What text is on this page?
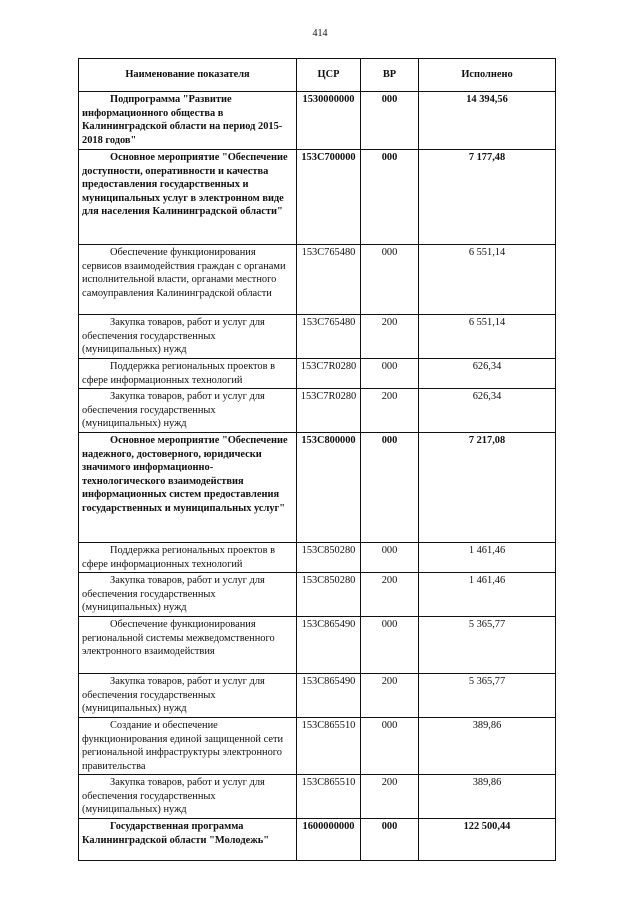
414
Наименование показателя	ЦСР	ВР	Исполнено

Подпрограмма "Развитие
информационного общества в Калининградской области на период 2015-2018 годов"	1530000000	000	14 394,56

Основное мероприятие "Обеспечение
доступности, оперативности и качества предоставления государственных и муниципальных услуг в электронном виде для населения Калининградской области"	153С700000	000	7 177,48

Обеспечение функционирования
сервисов взаимодействия граждан с органами исполнительной власти, органами местного самоуправления Калининградской области	153С765480	000	6 551,14

Закупка товаров, работ и услуг для
обеспечения государственных (муниципальных) нужд	153С765480	200	6 551,14

Поддержка региональных проектов в
сфере информационных технологий	153С7R0280	000	626,34

Закупка товаров, работ и услуг для
обеспечения государственных (муниципальных) нужд	153С7R0280	200	626,34

Основное мероприятие "Обеспечение
надежного, достоверного, юридически значимого информационно-технологического взаимодействия информационных систем предоставления государственных и муниципальных услуг"	153С800000	000	7 217,08

Поддержка региональных проектов в
сфере информационных технологий	153С850280	000	1 461,46

Закупка товаров, работ и услуг для
обеспечения государственных (муниципальных) нужд	153С850280	200	1 461,46

Обеспечение функционирования
региональной системы межведомственного электронного взаимодействия	153С865490	000	5 365,77

Закупка товаров, работ и услуг для
обеспечения государственных (муниципальных) нужд	153С865490	200	5 365,77

Создание и обеспечение
функционирования единой защищенной сети региональной инфраструктуры электронного правительства	153С865510	000	389,86

Закупка товаров, работ и услуг для
обеспечения государственных (муниципальных) нужд	153С865510	200	389,86

Государственная программа
Калининградской области "Молодежь"	1600000000	000	122 500,44
